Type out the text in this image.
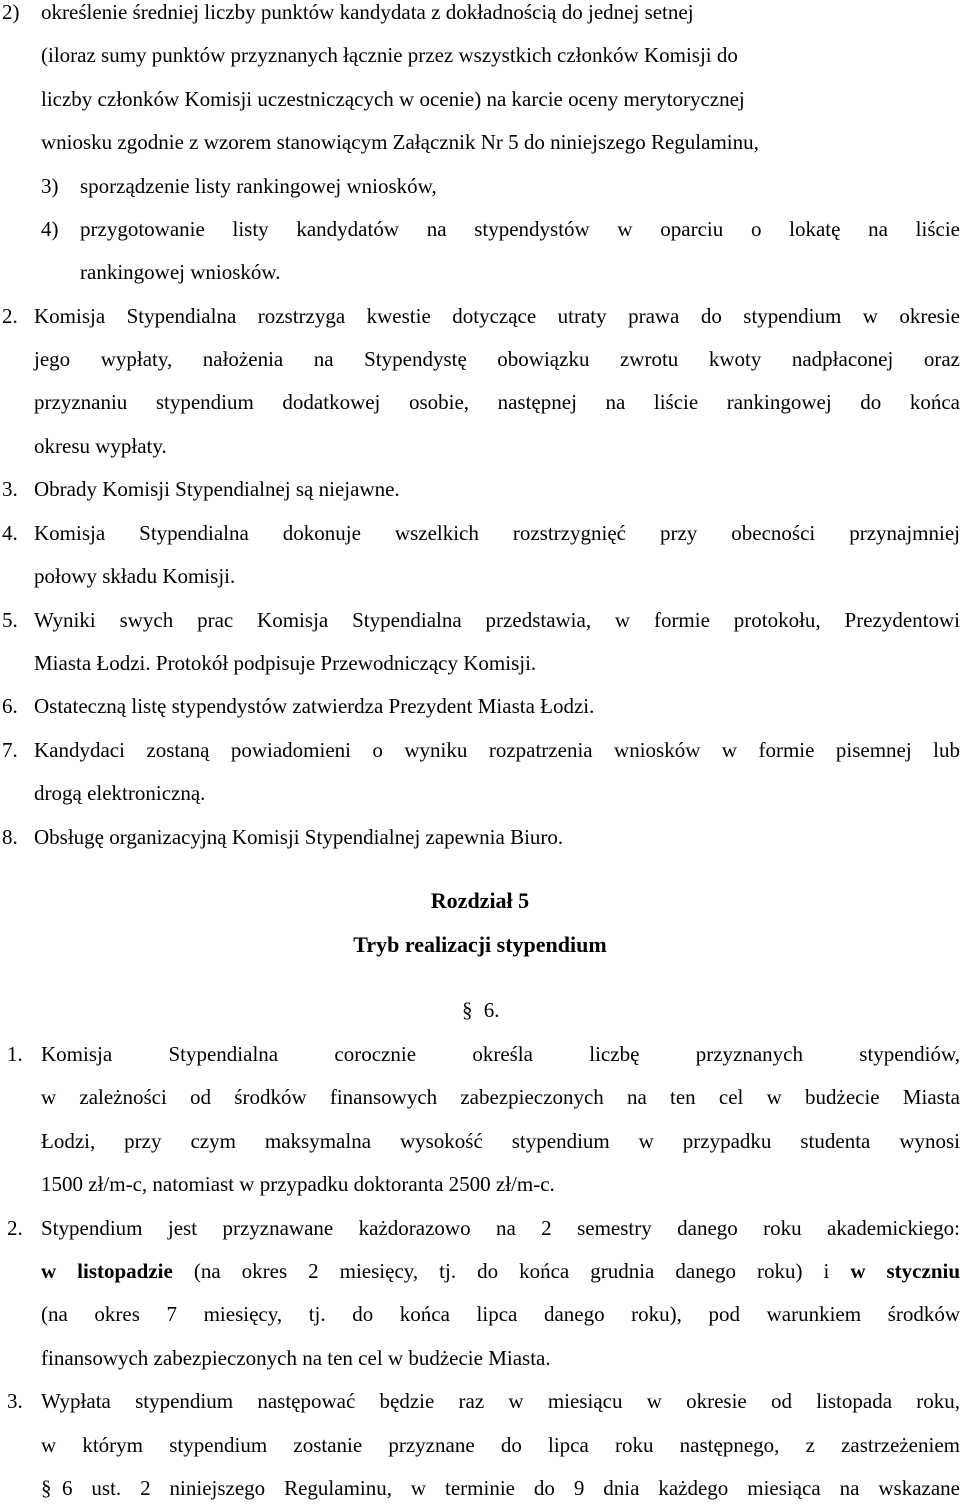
2) określenie średniej liczby punktów kandydata z dokładnością do jednej setnej
(iloraz sumy punktów przyznanych łącznie przez wszystkich członków Komisji do
liczby członków Komisji uczestniczących w ocenie) na karcie oceny merytorycznej
wniosku zgodnie z wzorem stanowiącym Załącznik Nr 5 do niniejszego Regulaminu,
3) sporządzenie listy rankingowej wniosków,
4) przygotowanie listy kandydatów na stypendystów w oparciu o lokatę na liście
rankingowej wniosków.
2. Komisja Stypendialna rozstrzyga kwestie dotyczące utraty prawa do stypendium w okresie
jego wypłaty, nałożenia na Stypendystę obowiązku zwrotu kwoty nadpłaconej oraz
przyznaniu stypendium dodatkowej osobie, następnej na liście rankingowej do końca
okresu wypłaty.
3. Obrady Komisji Stypendialnej są niejawne.
4. Komisja Stypendialna dokonuje wszelkich rozstrzygnięć przy obecności przynajmniej
połowy składu Komisji.
5. Wyniki swych prac Komisja Stypendialna przedstawia, w formie protokołu, Prezydentowi
Miasta Łodzi. Protokół podpisuje Przewodniczący Komisji.
6. Ostateczną listę stypendystów zatwierdza Prezydent Miasta Łodzi.
7. Kandydaci zostaną powiadomieni o wyniku rozpatrzenia wniosków w formie pisemnej lub
drogą elektroniczną.
8. Obsługę organizacyjną Komisji Stypendialnej zapewnia Biuro.
Rozdział 5
Tryb realizacji stypendium
§ 6.
1. Komisja Stypendialna corocznie określa liczbę przyznanych stypendiów,
w zależności od środków finansowych zabezpieczonych na ten cel w budżecie Miasta
Łodzi, przy czym maksymalna wysokość stypendium w przypadku studenta wynosi
1500 zł/m-c, natomiast w przypadku doktoranta 2500 zł/m-c.
2. Stypendium jest przyznawane każdorazowo na 2 semestry danego roku akademickiego:
w listopadzie (na okres 2 miesięcy, tj. do końca grudnia danego roku) i w styczniu
(na okres 7 miesięcy, tj. do końca lipca danego roku), pod warunkiem środków
finansowych zabezpieczonych na ten cel w budżecie Miasta.
3. Wypłata stypendium następować będzie raz w miesiącu w okresie od listopada roku,
w którym stypendium zostanie przyznane do lipca roku następnego, z zastrzeżeniem
§ 6 ust. 2 niniejszego Regulaminu, w terminie do 9 dnia każdego miesiąca na wskazane
